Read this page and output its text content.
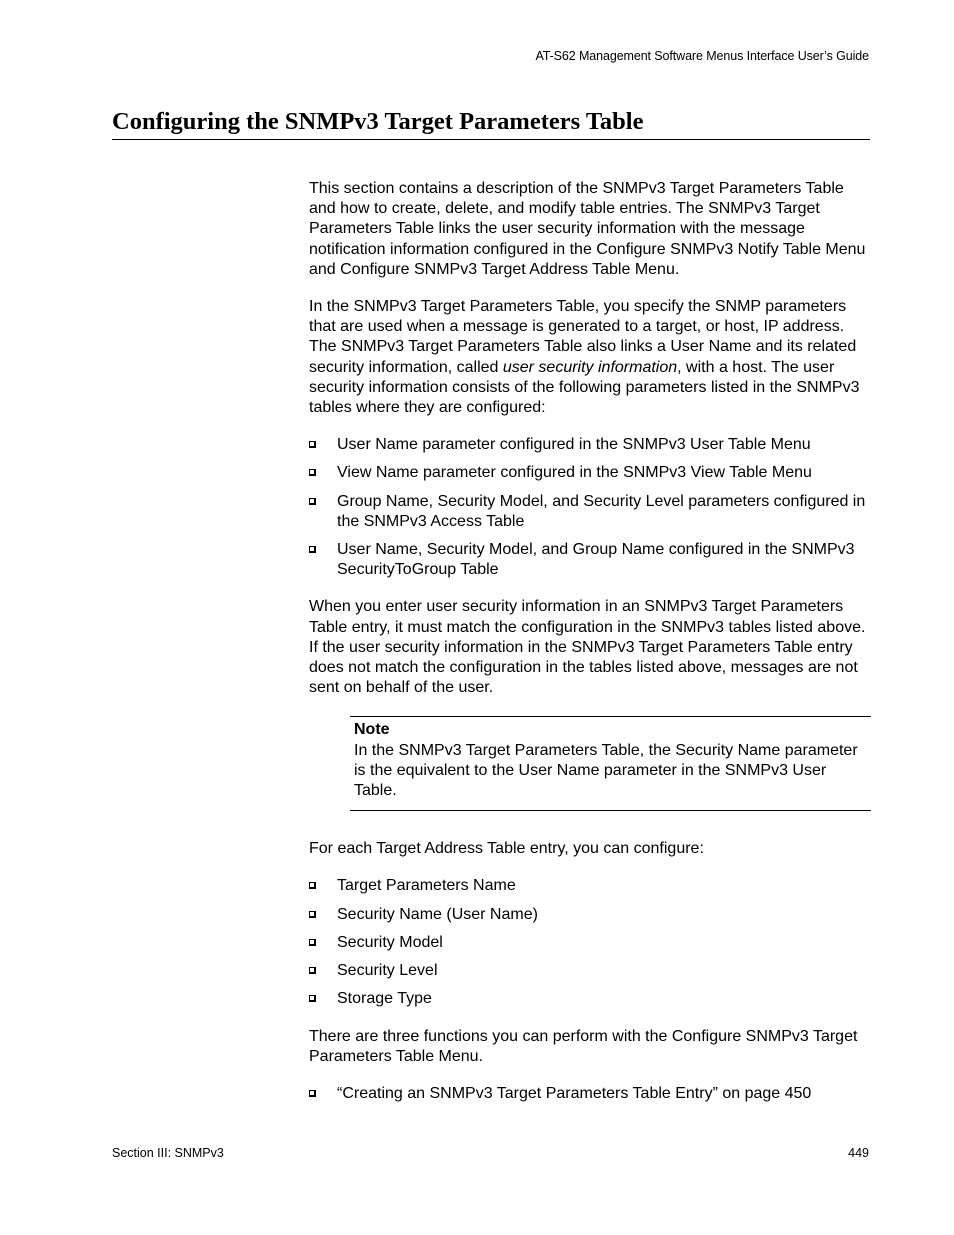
AT-S62 Management Software Menus Interface User’s Guide
Configuring the SNMPv3 Target Parameters Table

This section contains a description of the SNMPv3 Target Parameters Table and how to create, delete, and modify table entries. The SNMPv3 Target Parameters Table links the user security information with the message notification information configured in the Configure SNMPv3 Notify Table Menu and Configure SNMPv3 Target Address Table Menu.

In the SNMPv3 Target Parameters Table, you specify the SNMP parameters that are used when a message is generated to a target, or host, IP address. The SNMPv3 Target Parameters Table also links a User Name and its related security information, called user security information, with a host. The user security information consists of the following parameters listed in the SNMPv3 tables where they are configured:

User Name parameter configured in the SNMPv3 User Table Menu
View Name parameter configured in the SNMPv3 View Table Menu
Group Name, Security Model, and Security Level parameters configured in the SNMPv3 Access Table
User Name, Security Model, and Group Name configured in the SNMPv3 SecurityToGroup Table

When you enter user security information in an SNMPv3 Target Parameters Table entry, it must match the configuration in the SNMPv3 tables listed above. If the user security information in the SNMPv3 Target Parameters Table entry does not match the configuration in the tables listed above, messages are not sent on behalf of the user.

Note
In the SNMPv3 Target Parameters Table, the Security Name parameter is the equivalent to the User Name parameter in the SNMPv3 User Table.

For each Target Address Table entry, you can configure:

Target Parameters Name
Security Name (User Name)
Security Model
Security Level
Storage Type

There are three functions you can perform with the Configure SNMPv3 Target Parameters Table Menu.

“Creating an SNMPv3 Target Parameters Table Entry” on page 450
Section III: SNMPv3	449
